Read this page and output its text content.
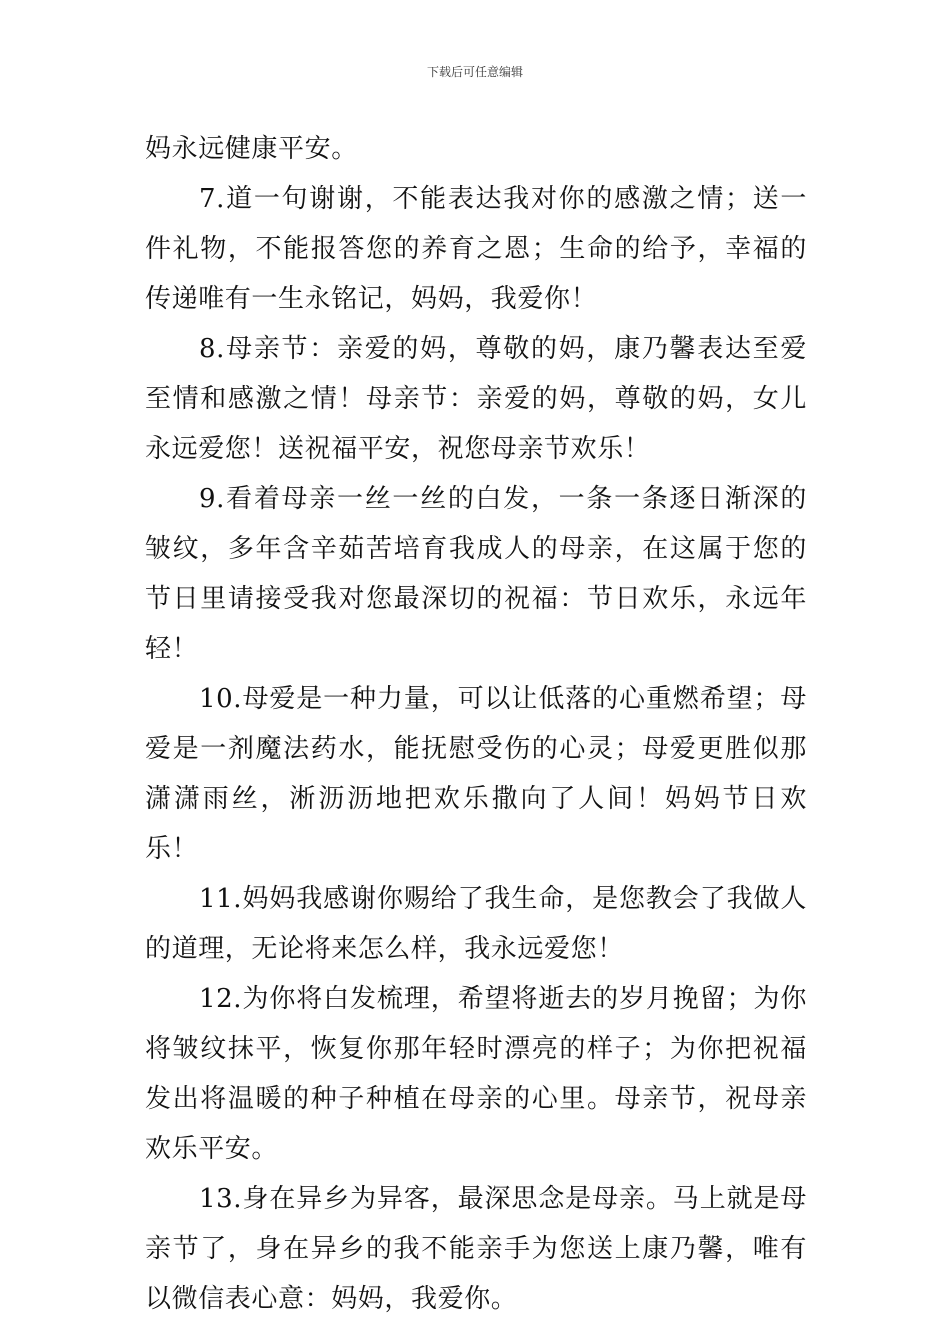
下载后可任意编辑

妈永远健康平安。

7.道一句谢谢，不能表达我对你的感激之情；送一件礼物，不能报答您的养育之恩；生命的给予，幸福的传递唯有一生永铭记，妈妈，我爱你！

8.母亲节：亲爱的妈，尊敬的妈，康乃馨表达至爱至情和感激之情！母亲节：亲爱的妈，尊敬的妈，女儿永远爱您！送祝福平安，祝您母亲节欢乐！

9.看着母亲一丝一丝的白发，一条一条逐日渐深的皱纹，多年含辛茹苦培育我成人的母亲，在这属于您的节日里请接受我对您最深切的祝福：节日欢乐，永远年轻！

10.母爱是一种力量，可以让低落的心重燃希望；母爱是一剂魔法药水，能抚慰受伤的心灵；母爱更胜似那潇潇雨丝，淅沥沥地把欢乐撒向了人间！妈妈节日欢乐！

11.妈妈我感谢你赐给了我生命，是您教会了我做人的道理，无论将来怎么样，我永远爱您！

12.为你将白发梳理，希望将逝去的岁月挽留；为你将皱纹抹平，恢复你那年轻时漂亮的样子；为你把祝福发出将温暖的种子种植在母亲的心里。母亲节，祝母亲欢乐平安。

13.身在异乡为异客，最深思念是母亲。马上就是母亲节了，身在异乡的我不能亲手为您送上康乃馨，唯有以微信表心意：妈妈，我爱你。
